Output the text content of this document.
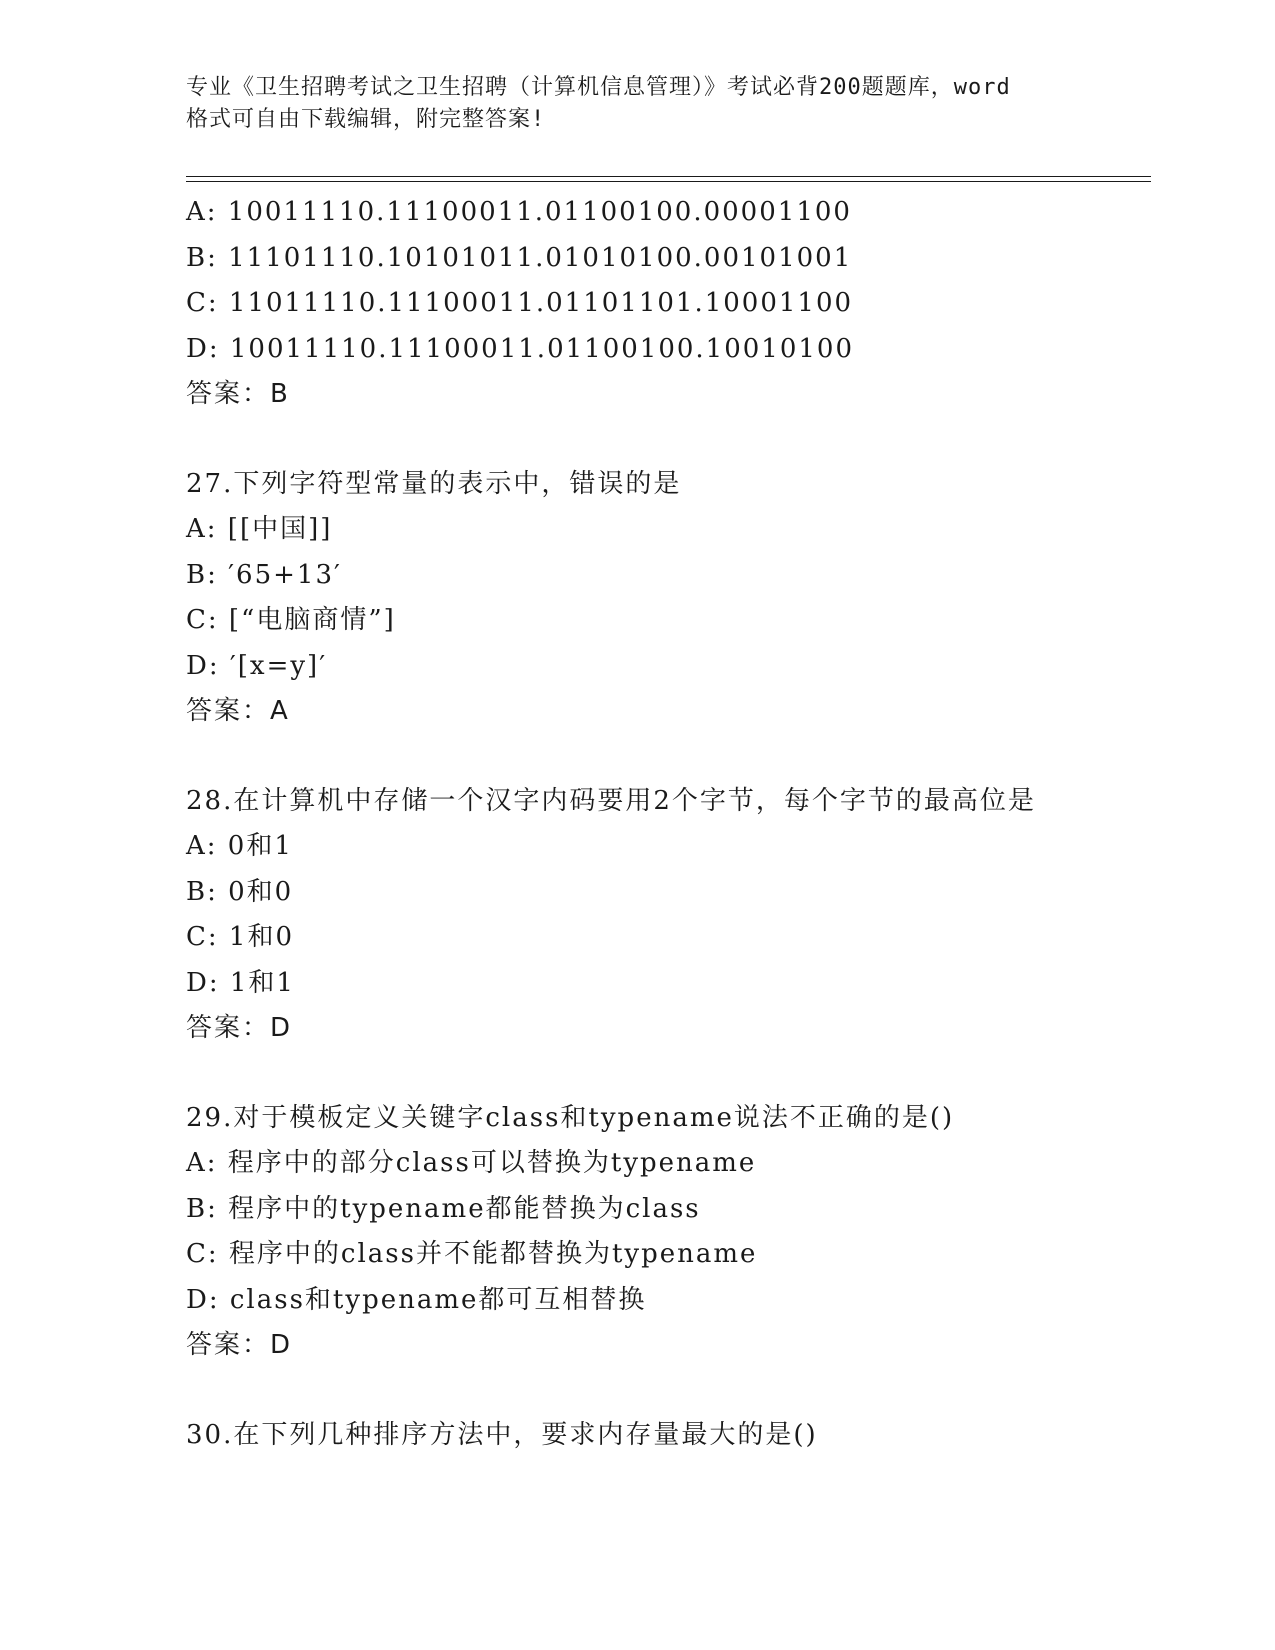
专业《卫生招聘考试之卫生招聘（计算机信息管理）》考试必背200题题库，word
格式可自由下载编辑，附完整答案!
A: 10011110.11100011.01100100.00001100
B: 11101110.10101011.01010100.00101001
C: 11011110.11100011.01101101.10001100
D: 10011110.11100011.01100100.10010100
答案：B
27.下列字符型常量的表示中，错误的是
A: [[中国]]
B: ′65+13′
C: [“电脑商情”]
D: ′[x=y]′
答案：A
28.在计算机中存储一个汉字内码要用2个字节，每个字节的最高位是
A: 0和1
B: 0和0
C: 1和0
D: 1和1
答案：D
29.对于模板定义关键字class和typename说法不正确的是()
A: 程序中的部分class可以替换为typename
B: 程序中的typename都能替换为class
C: 程序中的class并不能都替换为typename
D: class和typename都可互相替换
答案：D
30.在下列几种排序方法中，要求内存量最大的是()
